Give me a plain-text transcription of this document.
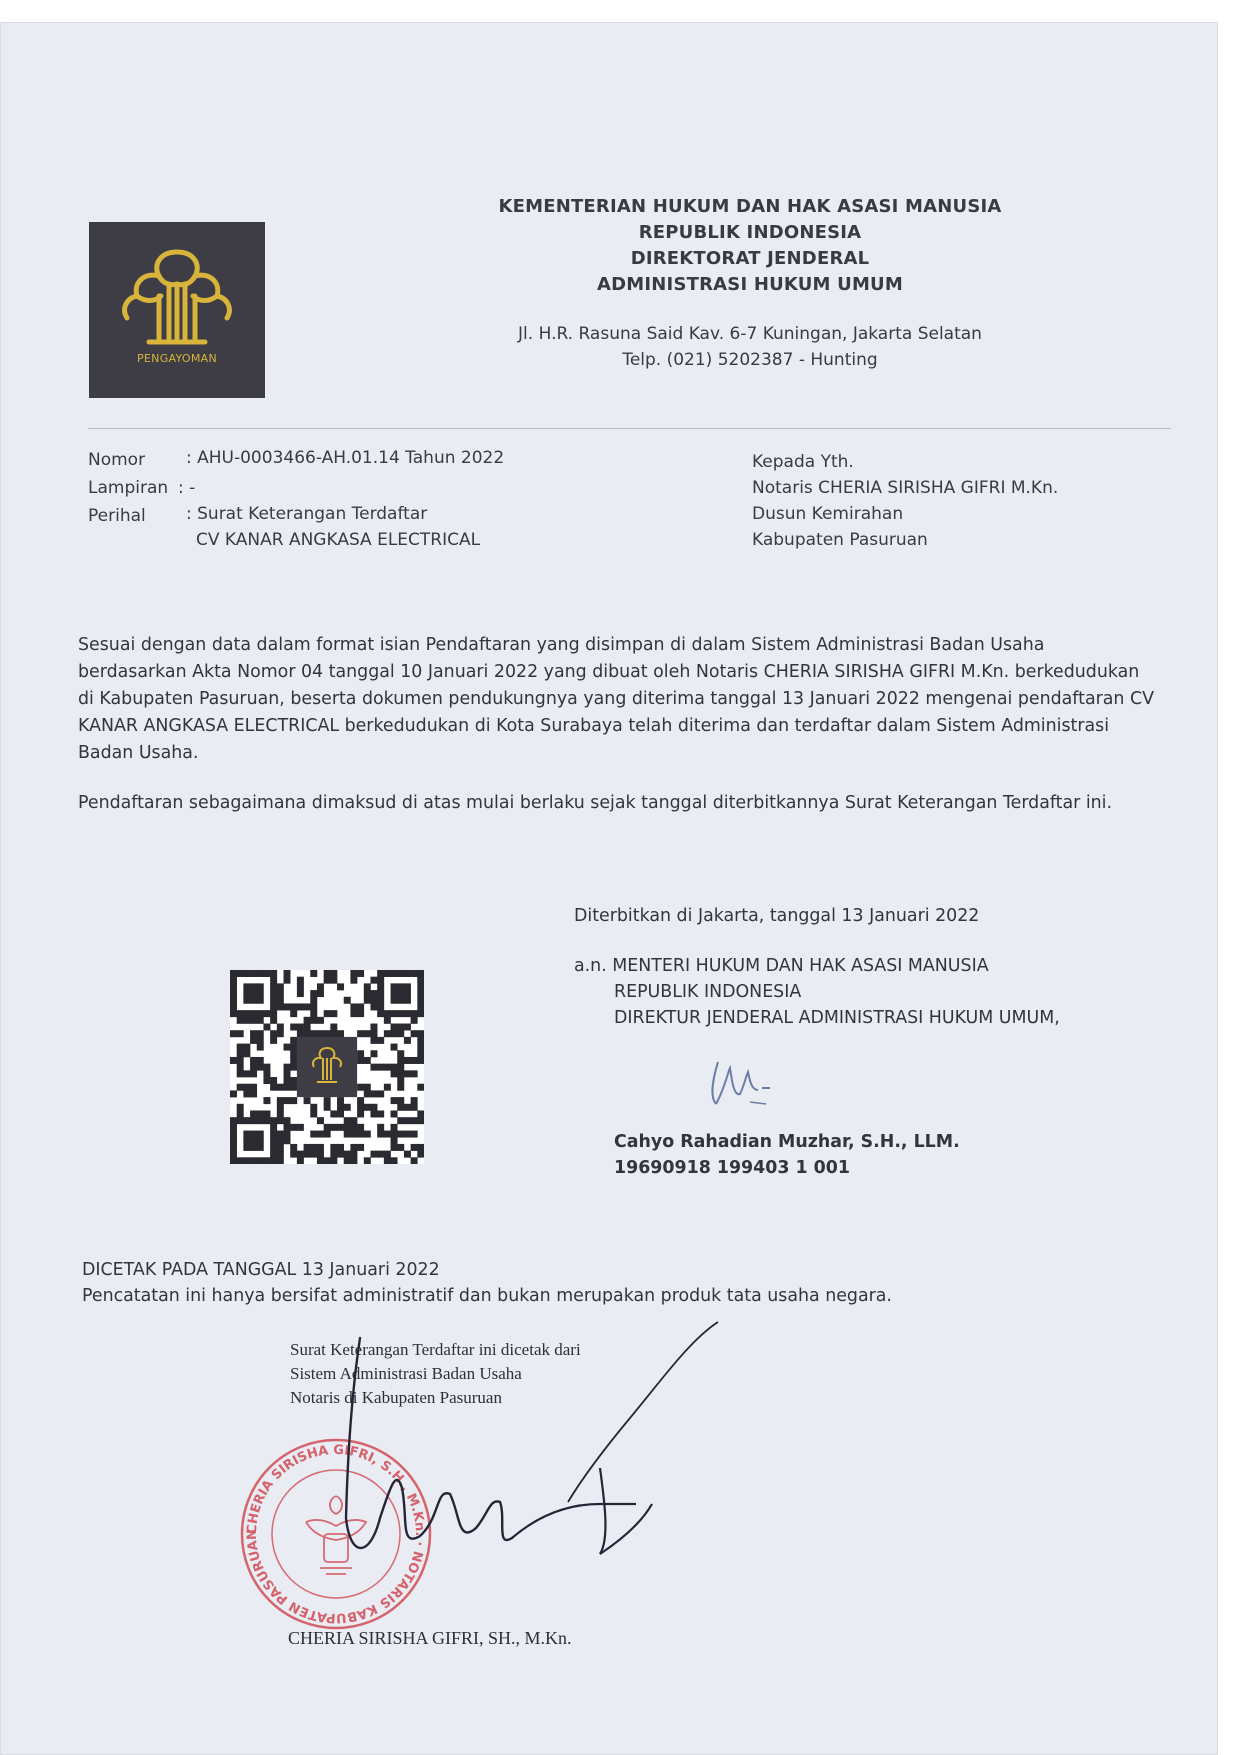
PENGAYOMAN
KEMENTERIAN HUKUM DAN HAK ASASI MANUSIA
REPUBLIK INDONESIA
DIREKTORAT JENDERAL
ADMINISTRASI HUKUM UMUM
Jl. H.R. Rasuna Said Kav. 6-7 Kuningan, Jakarta Selatan
Telp. (021) 5202387 - Hunting
Nomor : AHU-0003466-AH.01.14 Tahun 2022
Lampiran : -
Perihal : Surat Keterangan Terdaftar
CV KANAR ANGKASA ELECTRICAL
Kepada Yth.
Notaris CHERIA SIRISHA GIFRI M.Kn.
Dusun Kemirahan
Kabupaten Pasuruan
Sesuai dengan data dalam format isian Pendaftaran yang disimpan di dalam Sistem Administrasi Badan Usaha berdasarkan Akta Nomor 04 tanggal 10 Januari 2022 yang dibuat oleh Notaris CHERIA SIRISHA GIFRI M.Kn. berkedudukan di Kabupaten Pasuruan, beserta dokumen pendukungnya yang diterima tanggal 13 Januari 2022 mengenai pendaftaran CV KANAR ANGKASA ELECTRICAL berkedudukan di Kota Surabaya telah diterima dan terdaftar dalam Sistem Administrasi Badan Usaha.
Pendaftaran sebagaimana dimaksud di atas mulai berlaku sejak tanggal diterbitkannya Surat Keterangan Terdaftar ini.
Diterbitkan di Jakarta, tanggal 13 Januari 2022
a.n. MENTERI HUKUM DAN HAK ASASI MANUSIA
REPUBLIK INDONESIA
DIREKTUR JENDERAL ADMINISTRASI HUKUM UMUM,
Cahyo Rahadian Muzhar, S.H., LLM.
19690918 199403 1 001
DICETAK PADA TANGGAL 13 Januari 2022
Pencatatan ini hanya bersifat administratif dan bukan merupakan produk tata usaha negara.
Surat Keterangan Terdaftar ini dicetak dari
Sistem Administrasi Badan Usaha
Notaris di Kabupaten Pasuruan
CHERIA SIRISHA GIFRI, S.H., M.Kn. · NOTARIS KABUPATEN PASURUAN
CHERIA SIRISHA GIFRI, SH., M.Kn.
